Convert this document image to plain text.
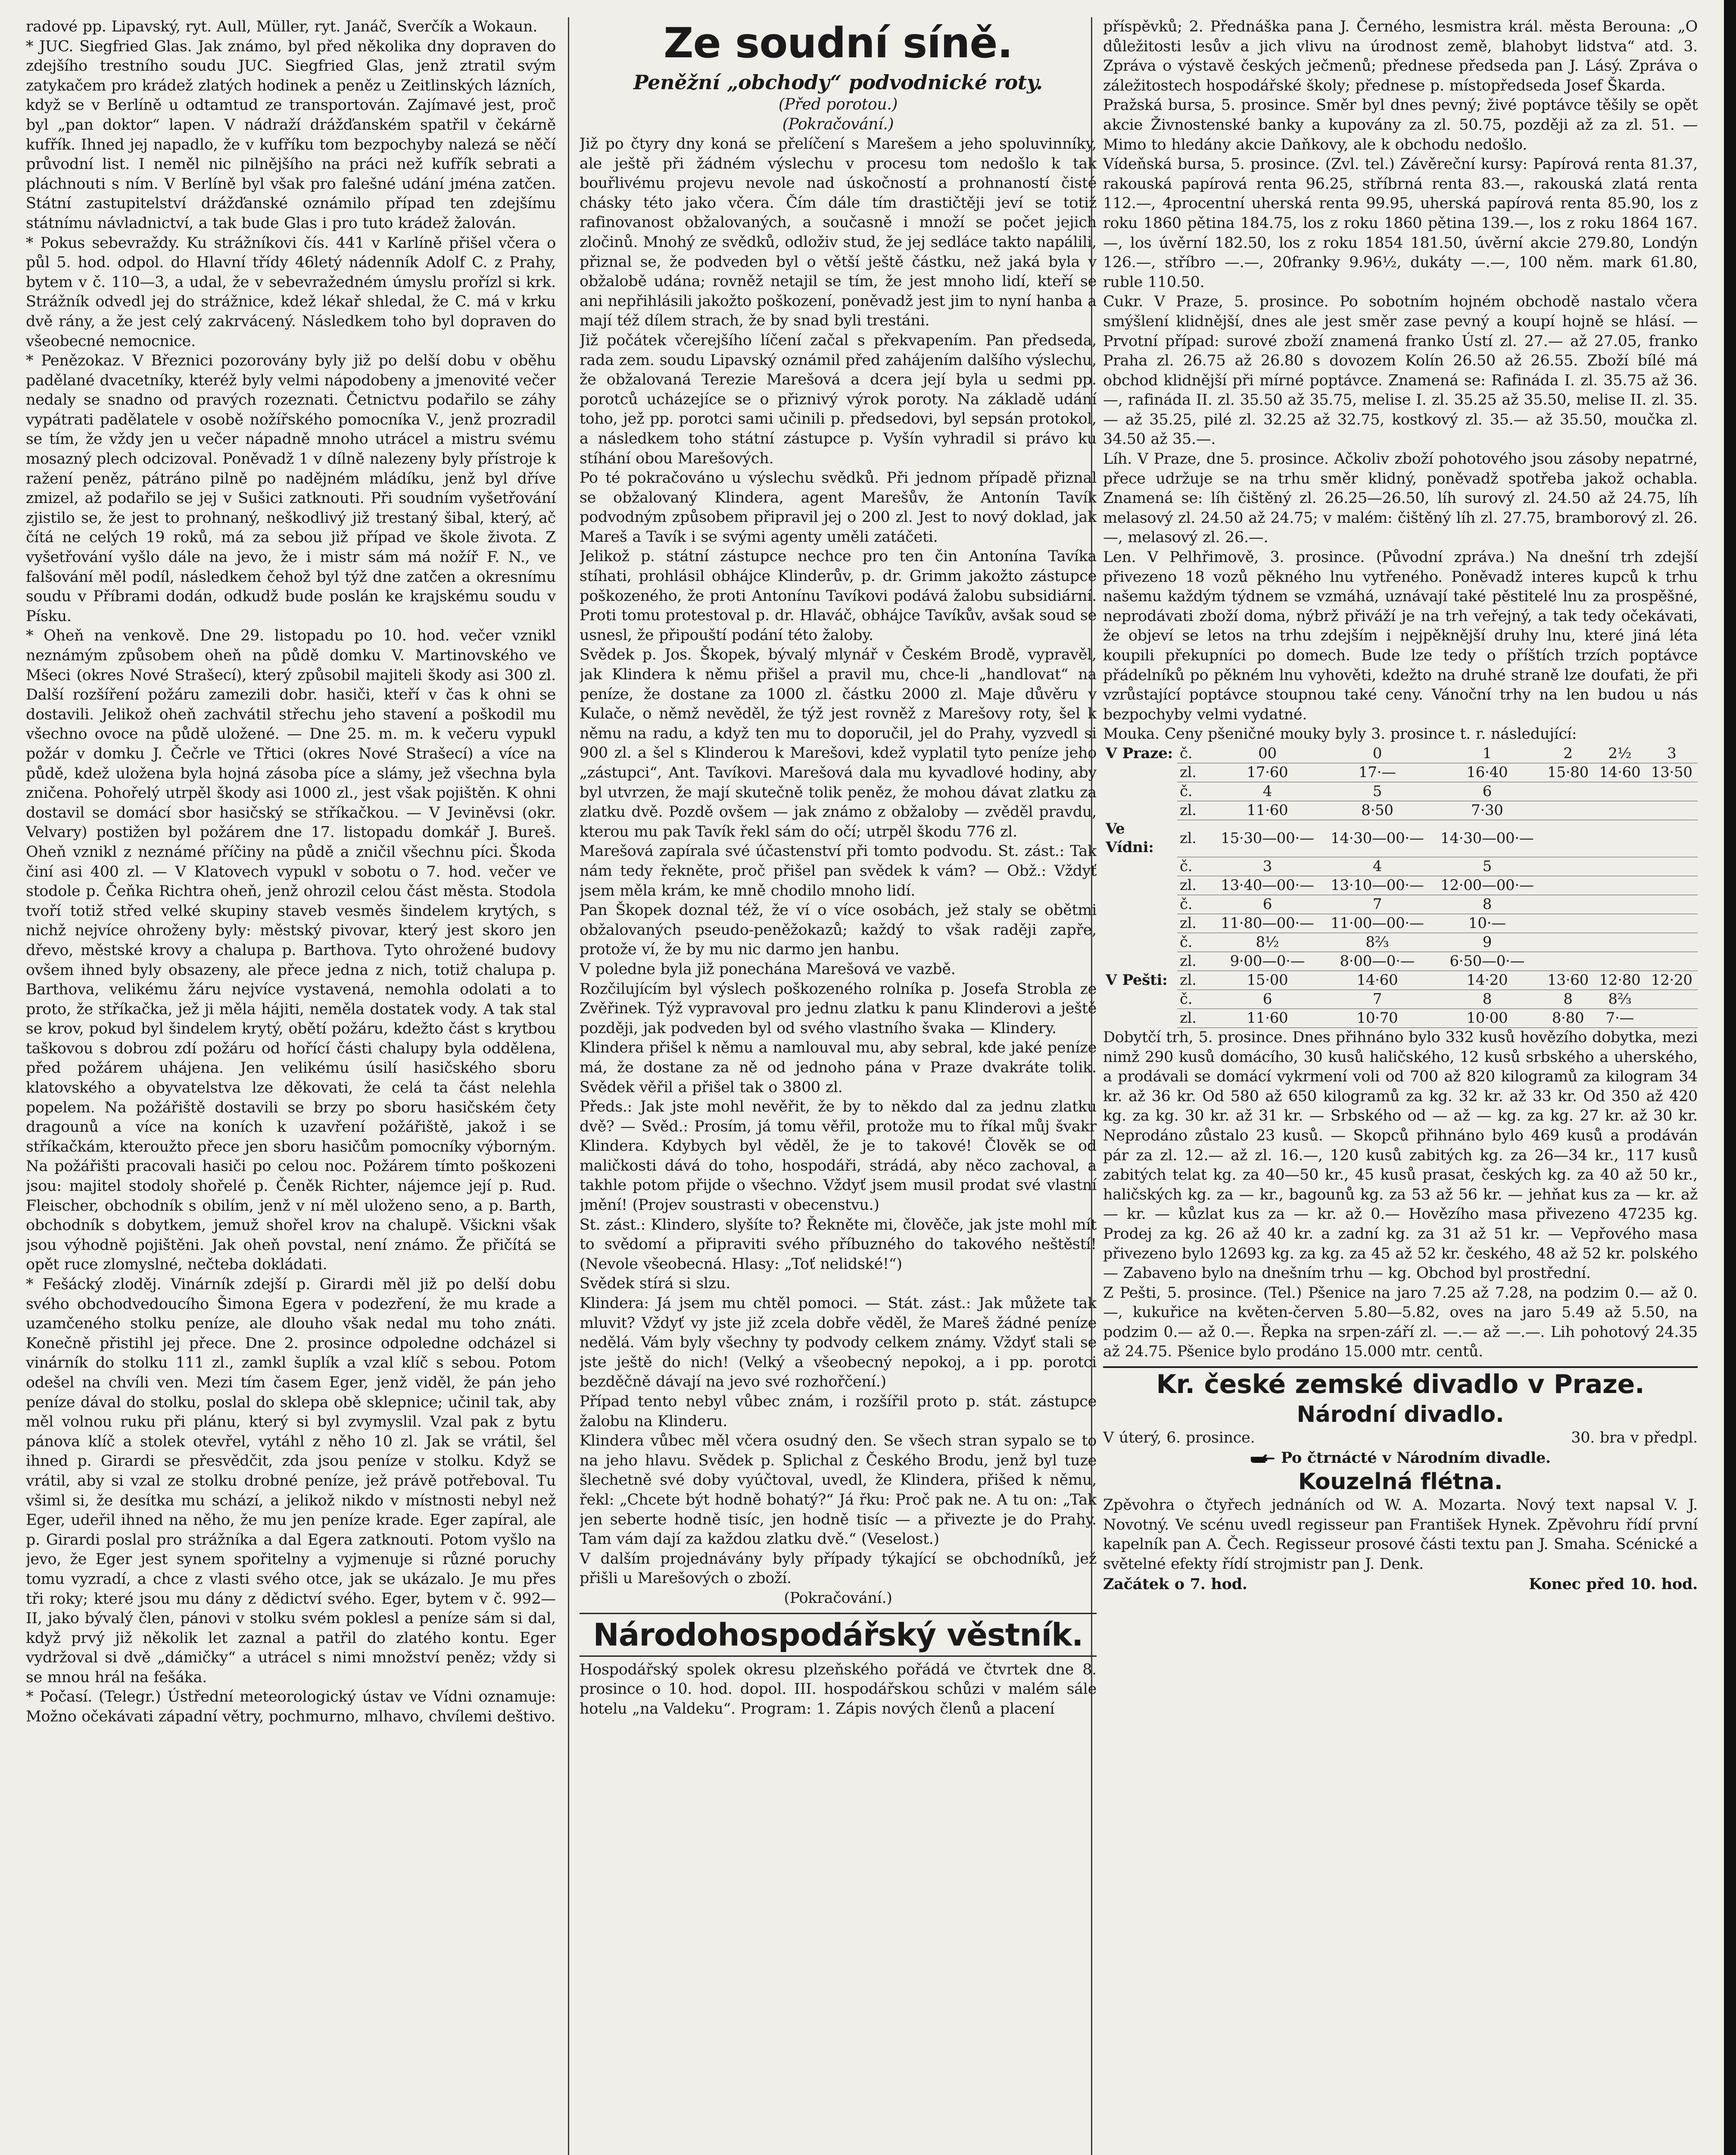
radové pp. Lipavský, ryt. Aull, Müller, ryt. Janáč, Sverčík a Wokaun.

* JUC. Siegfried Glas. Jak známo, byl před několika dny dopraven do zdejšího trestního soudu JUC. Siegfried Glas, jenž ztratil svým zatykačem pro krádež zlatých hodinek a peněz u Zeitlinských lázních, když se v Berlíně u odtamtud ze transportován. Zajímavé jest, proč byl „pan doktor“ lapen. V nádraží drážďanském spatřil v čekárně kufřík. Ihned jej napadlo, že v kufříku tom bezpochyby nalezá se něčí průvodní list. I neměl nic pilnějšího na práci než kufřík sebrati a pláchnouti s ním. V Berlíně byl však pro falešné udání jména zatčen. Státní zastupitelství drážďanské oznámilo případ ten zdejšímu státnímu návladnictví, a tak bude Glas i pro tuto krádež žalován.

* Pokus sebevraždy. Ku strážníkovi čís. 441 v Karlíně přišel včera o půl 5. hod. odpol. do Hlavní třídy 46letý nádenník Adolf C. z Prahy, bytem v č. 110—3, a udal, že v sebevražedném úmyslu prořízl si krk. Strážník odvedl jej do strážnice, kdež lékař shledal, že C. má v krku dvě rány, a že jest celý zakrvácený. Následkem toho byl dopraven do všeobecné nemocnice.

* Penězokaz. V Březnici pozorovány byly již po delší dobu v oběhu padělané dvacetníky, kteréž byly velmi nápodobeny a jmenovité večer nedaly se snadno od pravých rozeznati. Četnictvu podařilo se záhy vypátrati padělatele v osobě nožířského pomocníka V., jenž prozradil se tím, že vždy jen u večer nápadně mnoho utrácel a mistru svému mosazný plech odcizoval. Poněvadž 1 v dílně nalezeny byly přístroje k ražení peněz, pátráno pilně po nadějném mládíku, jenž byl dříve zmizel, až podařilo se jej v Sušici zatknouti. Při soudním vyšetřování zjistilo se, že jest to prohnaný, neškodlivý již trestaný šibal, který, ač čítá ne celých 19 roků, má za sebou již případ ve škole života. Z vyšetřování vyšlo dále na jevo, že i mistr sám má nožíř F. N., ve falšování měl podíl, následkem čehož byl týž dne zatčen a okresnímu soudu v Příbrami dodán, odkudž bude poslán ke krajskému soudu v Písku.

* Oheň na venkově. Dne 29. listopadu po 10. hod. večer vznikl neznámým způsobem oheň na půdě domku V. Martinovského ve Mšeci (okres Nové Strašecí), který způsobil majiteli škody asi 300 zl. Další rozšíření požáru zamezili dobr. hasiči, kteří v čas k ohni se dostavili. Jelikož oheň zachvátil střechu jeho stavení a poškodil mu všechno ovoce na půdě uložené. — Dne 25. m. m. k večeru vypukl požár v domku J. Čečrle ve Třtici (okres Nové Strašecí) a více na půdě, kdež uložena byla hojná zásoba píce a slámy, jež všechna byla zničena. Pohořelý utrpěl škody asi 1000 zl., jest však pojištěn. K ohni dostavil se domácí sbor hasičský se stříkačkou. — V Jeviněvsi (okr. Velvary) postižen byl požárem dne 17. listopadu domkář J. Bureš. Oheň vznikl z neznámé příčiny na půdě a zničil všechnu píci. Škoda činí asi 400 zl. — V Klatovech vypukl v sobotu o 7. hod. večer ve stodole p. Čeňka Richtra oheň, jenž ohrozil celou část města. Stodola tvoří totiž střed velké skupiny staveb vesměs šindelem krytých, s nichž nejvíce ohroženy byly: městský pivovar, který jest skoro jen dřevo, městské krovy a chalupa p. Barthova. Tyto ohrožené budovy ovšem ihned byly obsazeny, ale přece jedna z nich, totiž chalupa p. Barthova, velikému žáru nejvíce vystavená, nemohla odolati a to proto, že stříkačka, jež ji měla hájiti, neměla dostatek vody. A tak stal se krov, pokud byl šindelem krytý, obětí požáru, kdežto část s krytbou taškovou s dobrou zdí požáru od hořící části chalupy byla oddělena, před požárem uhájena. Jen velikému úsilí hasičského sboru klatovského a obyvatelstva lze děkovati, že celá ta část nelehla popelem. Na požářiště dostavili se brzy po sboru hasičském čety dragounů a více na koních k uzavření požářiště, jakož i se stříkačkám, kteroužto přece jen sboru hasičům pomocníky výborným. Na požářišti pracovali hasiči po celou noc. Požárem tímto poškozeni jsou: majitel stodoly shořelé p. Čeněk Richter, nájemce její p. Rud. Fleischer, obchodník s obilím, jenž v ní měl uloženo seno, a p. Barth, obchodník s dobytkem, jemuž shořel krov na chalupě. Všickni však jsou výhodně pojištěni. Jak oheň povstal, není známo. Že přičítá se opět ruce zlomyslné, nečteba dokládati.

* Fešácký zloděj. Vinárník zdejší p. Girardi měl již po delší dobu svého obchodvedoucího Šimona Egera v podezření, že mu krade a uzamčeného stolku peníze, ale dlouho však nedal mu toho znáti. Konečně přistihl jej přece. Dne 2. prosince odpoledne odcházel si vinárník do stolku 111 zl., zamkl šuplík a vzal klíč s sebou. Potom odešel na chvíli ven. Mezi tím časem Eger, jenž viděl, že pán jeho peníze dával do stolku, poslal do sklepa obě sklepnice; učinil tak, aby měl volnou ruku při plánu, který si byl zvymyslil. Vzal pak z bytu pánova klíč a stolek otevřel, vytáhl z něho 10 zl. Jak se vrátil, šel ihned p. Girardi se přesvědčit, zda jsou peníze v stolku. Když se vrátil, aby si vzal ze stolku drobné peníze, jež právě potřeboval. Tu všiml si, že desítka mu schází, a jelikož nikdo v místnosti nebyl než Eger, udeřil ihned na něho, že mu jen peníze krade. Eger zapíral, ale p. Girardi poslal pro strážníka a dal Egera zatknouti. Potom vyšlo na jevo, že Eger jest synem spořitelny a vyjmenuje si různé poruchy tomu vyzradí, a chce z vlasti svého otce, jak se ukázalo. Je mu přes tři roky; které jsou mu dány z dědictví svého. Eger, bytem v č. 992—II, jako bývalý člen, pánovi v stolku svém poklesl a peníze sám si dal, když prvý již několik let zaznal a patřil do zlatého kontu. Eger vydržoval si dvě „dámičky“ a utrácel s nimi množství peněz; vždy si se mnou hrál na fešáka.

* Počasí. (Telegr.) Ústřední meteorologický ústav ve Vídni oznamuje: Možno očekávati západní větry, pochmurno, mlhavo, chvílemi deštivo.

Ze soudní síně.
Peněžní „obchody“ podvodnické roty.
(Před porotou.)
(Pokračování.)

Již po čtyry dny koná se přelíčení s Marešem a jeho spoluvinníky, ale ještě při žádném výslechu v procesu tom nedošlo k tak bouřlivému projevu nevole nad úskočností a prohnaností čisté chásky této jako včera. Čím dále tím drastičtěji jeví se totiž rafinovanost obžalovaných, a současně i množí se počet jejich zločinů. Mnohý ze svědků, odloživ stud, že jej sedláce takto napálili, přiznal se, že podveden byl o větší ještě částku, než jaká byla v obžalobě udána; rovněž netajil se tím, že jest mnoho lidí, kteří se ani nepřihlásili jakožto poškození, poněvadž jest jim to nyní hanba a mají též dílem strach, že by snad byli trestáni.

Již počátek včerejšího líčení začal s překvapením. Pan předseda, rada zem. soudu Lipavský oznámil před zahájením dalšího výslechu, že obžalovaná Terezie Marešová a dcera její byla u sedmi pp. porotců ucházejíce se o přiznivý výrok poroty. Na základě udání toho, jež pp. porotci sami učinili p. předsedovi, byl sepsán protokol, a následkem toho státní zástupce p. Vyšín vyhradil si právo ku stíhání obou Marešových.

Po té pokračováno u výslechu svědků. Při jednom případě přiznal se obžalovaný Klindera, agent Marešův, že Antonín Tavík podvodným způsobem připravil jej o 200 zl. Jest to nový doklad, jak Mareš a Tavík i se svými agenty uměli zatáčeti.

Jelikož p. státní zástupce nechce pro ten čin Antonína Tavíka stíhati, prohlásil obhájce Klinderův, p. dr. Grimm jakožto zástupce poškozeného, že proti Antonínu Tavíkovi podává žalobu subsidiární. Proti tomu protestoval p. dr. Hlaváč, obhájce Tavíkův, avšak soud se usnesl, že připouští podání této žaloby.

Svědek p. Jos. Škopek, bývalý mlynář v Českém Brodě, vypravěl, jak Klindera k němu přišel a pravil mu, chce-li „handlovat“ na peníze, že dostane za 1000 zl. částku 2000 zl. Maje důvěru v Kulače, o němž nevěděl, že týž jest rovněž z Marešovy roty, šel k němu na radu, a když ten mu to doporučil, jel do Prahy, vyzvedl si 900 zl. a šel s Klinderou k Marešovi, kdež vyplatil tyto peníze jeho „zástupci“, Ant. Tavíkovi. Marešová dala mu kyvadlové hodiny, aby byl utvrzen, že mají skutečně tolik peněz, že mohou dávat zlatku za zlatku dvě. Pozdě ovšem — jak známo z obžaloby — zvěděl pravdu, kterou mu pak Tavík řekl sám do očí; utrpěl škodu 776 zl.

Marešová zapírala své účastenství při tomto podvodu. St. zást.: Tak nám tedy řekněte, proč přišel pan svědek k vám? — Obž.: Vždyť jsem měla krám, ke mně chodilo mnoho lidí.

Pan Škopek doznal též, že ví o více osobách, jež staly se obětmi obžalovaných pseudo-peněžokazů; každý to však raději zapře, protože ví, že by mu nic darmo jen hanbu.

V poledne byla již ponechána Marešová ve vazbě.

Rozčilujícím byl výslech poškozeného rolníka p. Josefa Strobla ze Zvěřinek. Týž vypravoval pro jednu zlatku k panu Klinderovi a ještě později, jak podveden byl od svého vlastního švaka — Klindery.

Klindera přišel k němu a namlouval mu, aby sebral, kde jaké peníze má, že dostane za ně od jednoho pána v Praze dvakráte tolik. Svědek věřil a přišel tak o 3800 zl.

Předs.: Jak jste mohl nevěřit, že by to někdo dal za jednu zlatku dvě? — Svěd.: Prosím, já tomu věřil, protože mu to říkal můj švakr Klindera. Kdybych byl věděl, že je to takové! Člověk se od maličkosti dává do toho, hospodáři, strádá, aby něco zachoval, a takhle potom přijde o všechno. Vždyť jsem musil prodat své vlastní jmění! (Projev soustrasti v obecenstvu.)

St. zást.: Klindero, slyšíte to? Řekněte mi, člověče, jak jste mohl mít to svědomí a připraviti svého příbuzného do takového neštěstí! (Nevole všeobecná. Hlasy: „Toť nelidské!“)

Svědek stírá si slzu.

Klindera: Já jsem mu chtěl pomoci. — Stát. zást.: Jak můžete tak mluvit? Vždyť vy jste již zcela dobře věděl, že Mareš žádné peníze nedělá. Vám byly všechny ty podvody celkem známy. Vždyť stali se jste ještě do nich! (Velký a všeobecný nepokoj, a i pp. porotci bezděčně dávají na jevo své rozhořčení.)

Případ tento nebyl vůbec znám, i rozšířil proto p. stát. zástupce žalobu na Klinderu.

Klindera vůbec měl včera osudný den. Se všech stran sypalo se to na jeho hlavu. Svědek p. Splichal z Českého Brodu, jenž byl tuze šlechetně své doby vyúčtoval, uvedl, že Klindera, přišed k němu, řekl: „Chcete být hodně bohatý?“ Já řku: Proč pak ne. A tu on: „Tak jen seberte hodně tisíc, jen hodně tisíc — a přivezte je do Prahy. Tam vám dají za každou zlatku dvě.“ (Veselost.)

V dalším projednávány byly případy týkající se obchodníků, jež přišli u Marešových o zboží.

(Pokračování.)

Národohospodářský věstník.

Hospodářský spolek okresu plzeňského pořádá ve čtvrtek dne 8. prosince o 10. hod. dopol. III. hospodářskou schůzi v malém sále hotelu „na Valdeku“. Program: 1. Zápis nových členů a placení

příspěvků; 2. Přednáška pana J. Černého, lesmistra král. města Berouna: „O důležitosti lesův a jich vlivu na úrodnost země, blahobyt lidstva“ atd. 3. Zpráva o výstavě českých ječmenů; přednese předseda pan J. Lásý. Zpráva o záležitostech hospodářské školy; přednese p. místopředseda Josef Škarda.

Pražská bursa, 5. prosince. Směr byl dnes pevný; živé poptávce těšily se opět akcie Živnostenské banky a kupovány za zl. 50.75, později až za zl. 51. — Mimo to hledány akcie Daňkovy, ale k obchodu nedošlo.

Vídeňská bursa, 5. prosince. (Zvl. tel.) Závěreční kursy: Papírová renta 81.37, rakouská papírová renta 96.25, stříbrná renta 83.—, rakouská zlatá renta 112.—, 4procentní uherská renta 99.95, uherská papírová renta 85.90, los z roku 1860 pětina 184.75, los z roku 1860 pětina 139.—, los z roku 1864 167.—, los úvěrní 182.50, los z roku 1854 181.50, úvěrní akcie 279.80, Londýn 126.—, stříbro —.—, 20franky 9.96½, dukáty —.—, 100 něm. mark 61.80, ruble 110.50.

Cukr. V Praze, 5. prosince. Po sobotním hojném obchodě nastalo včera smýšlení klidnější, dnes ale jest směr zase pevný a koupí hojně se hlásí. — Prvotní případ: surové zboží znamená franko Ústí zl. 27.— až 27.05, franko Praha zl. 26.75 až 26.80 s dovozem Kolín 26.50 až 26.55. Zboží bílé má obchod klidnější při mírné poptávce. Znamená se: Rafináda I. zl. 35.75 až 36.—, rafináda II. zl. 35.50 až 35.75, melise I. zl. 35.25 až 35.50, melise II. zl. 35.— až 35.25, pilé zl. 32.25 až 32.75, kostkový zl. 35.— až 35.50, moučka zl. 34.50 až 35.—.

Líh. V Praze, dne 5. prosince. Ačkoliv zboží pohotového jsou zásoby nepatrné, přece udržuje se na trhu směr klidný, poněvadž spotřeba jakož ochabla. Znamená se: líh čištěný zl. 26.25—26.50, líh surový zl. 24.50 až 24.75, líh melasový zl. 24.50 až 24.75; v malém: čištěný líh zl. 27.75, bramborový zl. 26.—, melasový zl. 26.—.

Len. V Pelhřimově, 3. prosince. (Původní zpráva.) Na dnešní trh zdejší přivezeno 18 vozů pěkného lnu vytřeného. Poněvadž interes kupců k trhu našemu každým týdnem se vzmáhá, uznávají také pěstitelé lnu za prospěšné, neprodávati zboží doma, nýbrž přiváží je na trh veřejný, a tak tedy očekávati, že objeví se letos na trhu zdejším i nejpěknější druhy lnu, které jiná léta koupili překupníci po domech. Bude lze tedy o příštích trzích poptávce přádelníků po pěkném lnu vyhověti, kdežto na druhé straně lze doufati, že při vzrůstající poptávce stoupnou také ceny. Vánoční trhy na len budou u nás bezpochyby velmi vydatné.

Mouka. Ceny pšeničné mouky byly 3. prosince t. r. následující:

V Praze:	č.	00	0	1	2	2½	3
	zl.	17·60	17·—	16·40	15·80	14·60	13·50
	č.	4	5	6			
	zl.	11·60	8·50	7·30			
Ve Vídni:	zl.	15·30—00·—	14·30—00·—	14·30—00·—			
	č.	3	4	5			
	zl.	13·40—00·—	13·10—00·—	12·00—00·—			
	č.	6	7	8			
	zl.	11·80—00·—	11·00—00·—	10·—			
	č.	8½	8⅔	9			
	zl.	9·00—0·—	8·00—0·—	6·50—0·—			
V Pešti:	zl.	15·00	14·60	14·20	13·60	12·80	12·20
	č.	6	7	8	8	8⅔	
	zl.	11·60	10·70	10·00	8·80	7·—	

Dobytčí trh, 5. prosince. Dnes přihnáno bylo 332 kusů hovězího dobytka, mezi nimž 290 kusů domácího, 30 kusů haličského, 12 kusů srbského a uherského, a prodávali se domácí vykrmení voli od 700 až 820 kilogramů za kilogram 34 kr. až 36 kr. Od 580 až 650 kilogramů za kg. 32 kr. až 33 kr. Od 350 až 420 kg. za kg. 30 kr. až 31 kr. — Srbského od — až — kg. za kg. 27 kr. až 30 kr. Neprodáno zůstalo 23 kusů. — Skopců přihnáno bylo 469 kusů a prodáván pár za zl. 12.— až zl. 16.—, 120 kusů zabitých kg. za 26—34 kr., 117 kusů zabitých telat kg. za 40—50 kr., 45 kusů prasat, českých kg. za 40 až 50 kr., haličských kg. za — kr., bagounů kg. za 53 až 56 kr. — jehňat kus za — kr. až — kr. — kůzlat kus za — kr. až 0.— Hovězího masa přivezeno 47235 kg. Prodej za kg. 26 až 40 kr. a zadní kg. za 31 až 51 kr. — Vepřového masa přivezeno bylo 12693 kg. za kg. za 45 až 52 kr. českého, 48 až 52 kr. polského — Zabaveno bylo na dnešním trhu — kg. Obchod byl prostřední.

Z Pešti, 5. prosince. (Tel.) Pšenice na jaro 7.25 až 7.28, na podzim 0.— až 0.—, kukuřice na květen-červen 5.80—5.82, oves na jaro 5.49 až 5.50, na podzim 0.— až 0.—. Řepka na srpen-září zl. —.— až —.—. Lih pohotový 24.35 až 24.75. Pšenice bylo prodáno 15.000 mtr. centů.

Kr. české zemské divadlo v Praze.
Národní divadlo.
V úterý, 6. prosince.	30. bra v předpl.
Po čtrnácté v Národním divadle.
Kouzelná flétna.

Zpěvohra o čtyřech jednáních od W. A. Mozarta. Nový text napsal V. J. Novotný. Ve scénu uvedl regisseur pan František Hynek. Zpěvohru řídí první kapelník pan A. Čech. Regisseur prosové části textu pan J. Smaha. Scénické a světelné efekty řídí strojmistr pan J. Denk.

Začátek o 7. hod.	Konec před 10. hod.
